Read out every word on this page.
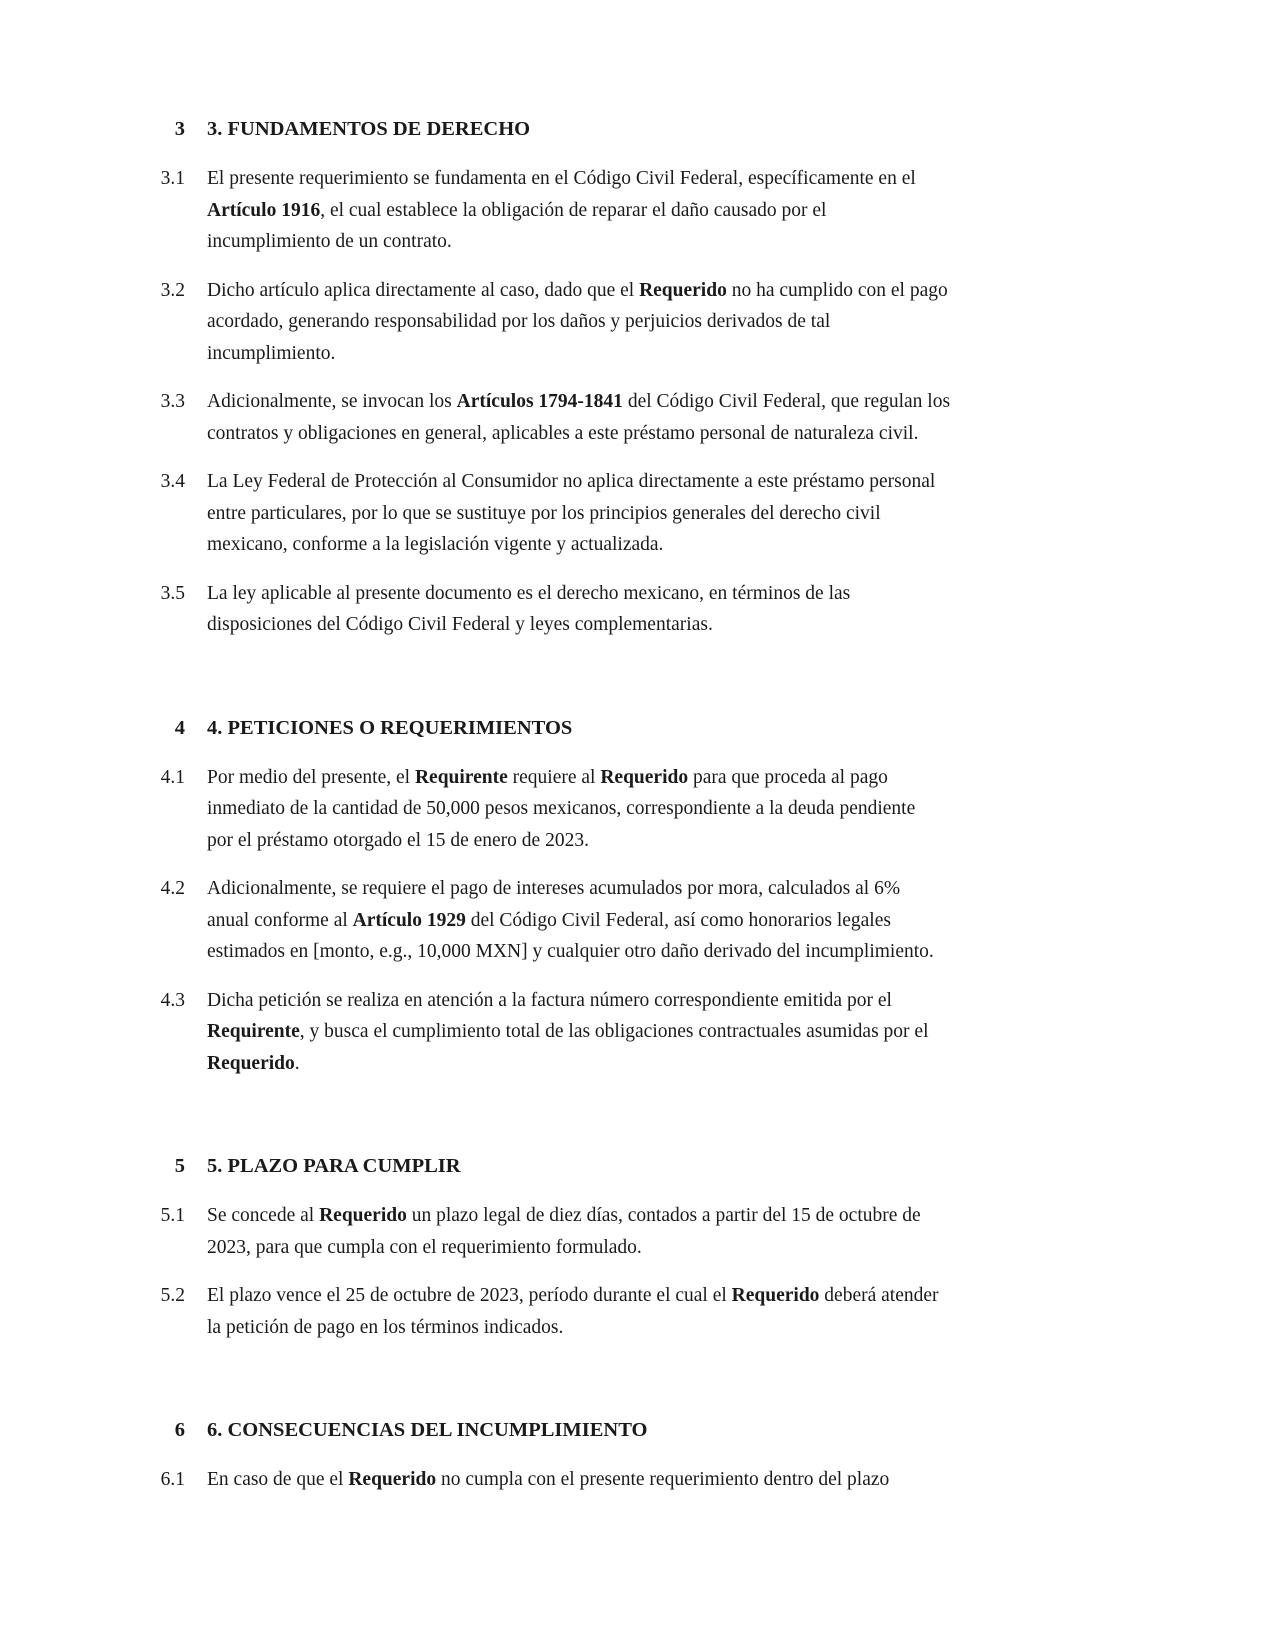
3	3. FUNDAMENTOS DE DERECHO
3.1	El presente requerimiento se fundamenta en el Código Civil Federal, específicamente en el
Artículo 1916, el cual establece la obligación de reparar el daño causado por el
incumplimiento de un contrato.

3.2	Dicho artículo aplica directamente al caso, dado que el Requerido no ha cumplido con el pago
acordado, generando responsabilidad por los daños y perjuicios derivados de tal
incumplimiento.

3.3	Adicionalmente, se invocan los Artículos 1794-1841 del Código Civil Federal, que regulan los
contratos y obligaciones en general, aplicables a este préstamo personal de naturaleza civil.

3.4	La Ley Federal de Protección al Consumidor no aplica directamente a este préstamo personal
entre particulares, por lo que se sustituye por los principios generales del derecho civil
mexicano, conforme a la legislación vigente y actualizada.

3.5	La ley aplicable al presente documento es el derecho mexicano, en términos de las
disposiciones del Código Civil Federal y leyes complementarias.

4	4. PETICIONES O REQUERIMIENTOS
4.1	Por medio del presente, el Requirente requiere al Requerido para que proceda al pago
inmediato de la cantidad de 50,000 pesos mexicanos, correspondiente a la deuda pendiente
por el préstamo otorgado el 15 de enero de 2023.

4.2	Adicionalmente, se requiere el pago de intereses acumulados por mora, calculados al 6%
anual conforme al Artículo 1929 del Código Civil Federal, así como honorarios legales
estimados en [monto, e.g., 10,000 MXN] y cualquier otro daño derivado del incumplimiento.

4.3	Dicha petición se realiza en atención a la factura número correspondiente emitida por el
Requirente, y busca el cumplimiento total de las obligaciones contractuales asumidas por el
Requerido.

5	5. PLAZO PARA CUMPLIR
5.1	Se concede al Requerido un plazo legal de diez días, contados a partir del 15 de octubre de
2023, para que cumpla con el requerimiento formulado.

5.2	El plazo vence el 25 de octubre de 2023, período durante el cual el Requerido deberá atender
la petición de pago en los términos indicados.

6	6. CONSECUENCIAS DEL INCUMPLIMIENTO
6.1	En caso de que el Requerido no cumpla con el presente requerimiento dentro del plazo
